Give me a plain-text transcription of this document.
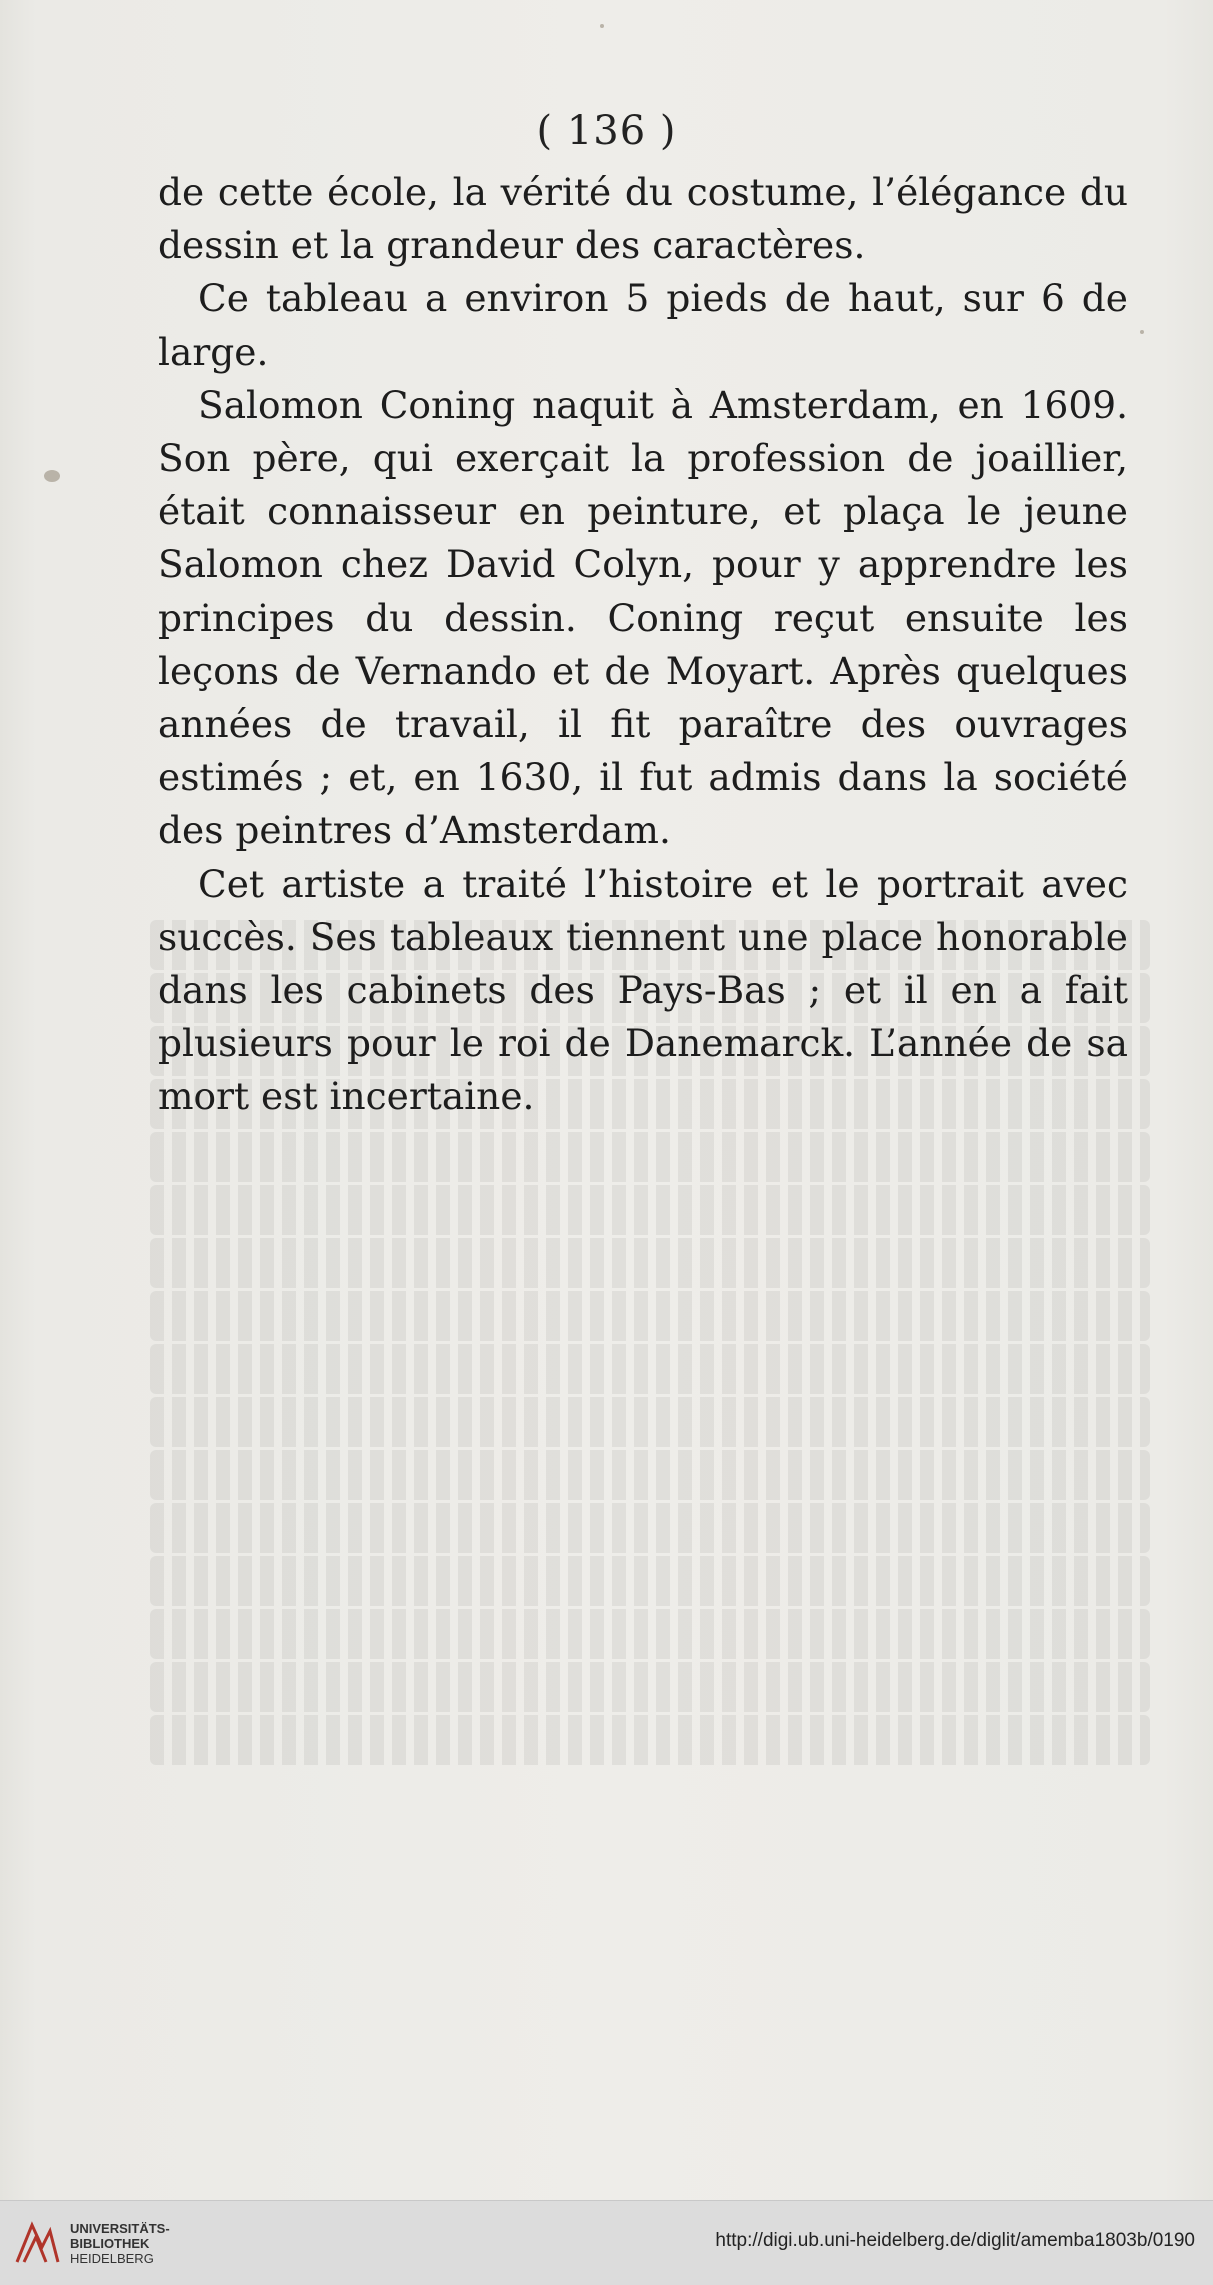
( 136 )

de cette école, la vérité du costume, l’élégance du dessin et la grandeur des caractères.

Ce tableau a environ 5 pieds de haut, sur 6 de large.

Salomon Coning naquit à Amsterdam, en 1609. Son père, qui exerçait la profession de joaillier, était connaisseur en peinture, et plaça le jeune Salomon chez David Colyn, pour y apprendre les principes du dessin. Coning reçut ensuite les leçons de Vernando et de Moyart. Après quelques années de travail, il fit paraître des ouvrages estimés ; et, en 1630, il fut admis dans la société des peintres d’Amsterdam.

Cet artiste a traité l’histoire et le portrait avec succès. Ses tableaux tiennent une place honorable dans les cabinets des Pays-Bas ; et il en a fait plusieurs pour le roi de Danemarck. L’année de sa mort est incertaine.

UNIVERSITÄTS-
BIBLIOTHEK
HEIDELBERG
http://digi.ub.uni-heidelberg.de/diglit/amemba1803b/0190
